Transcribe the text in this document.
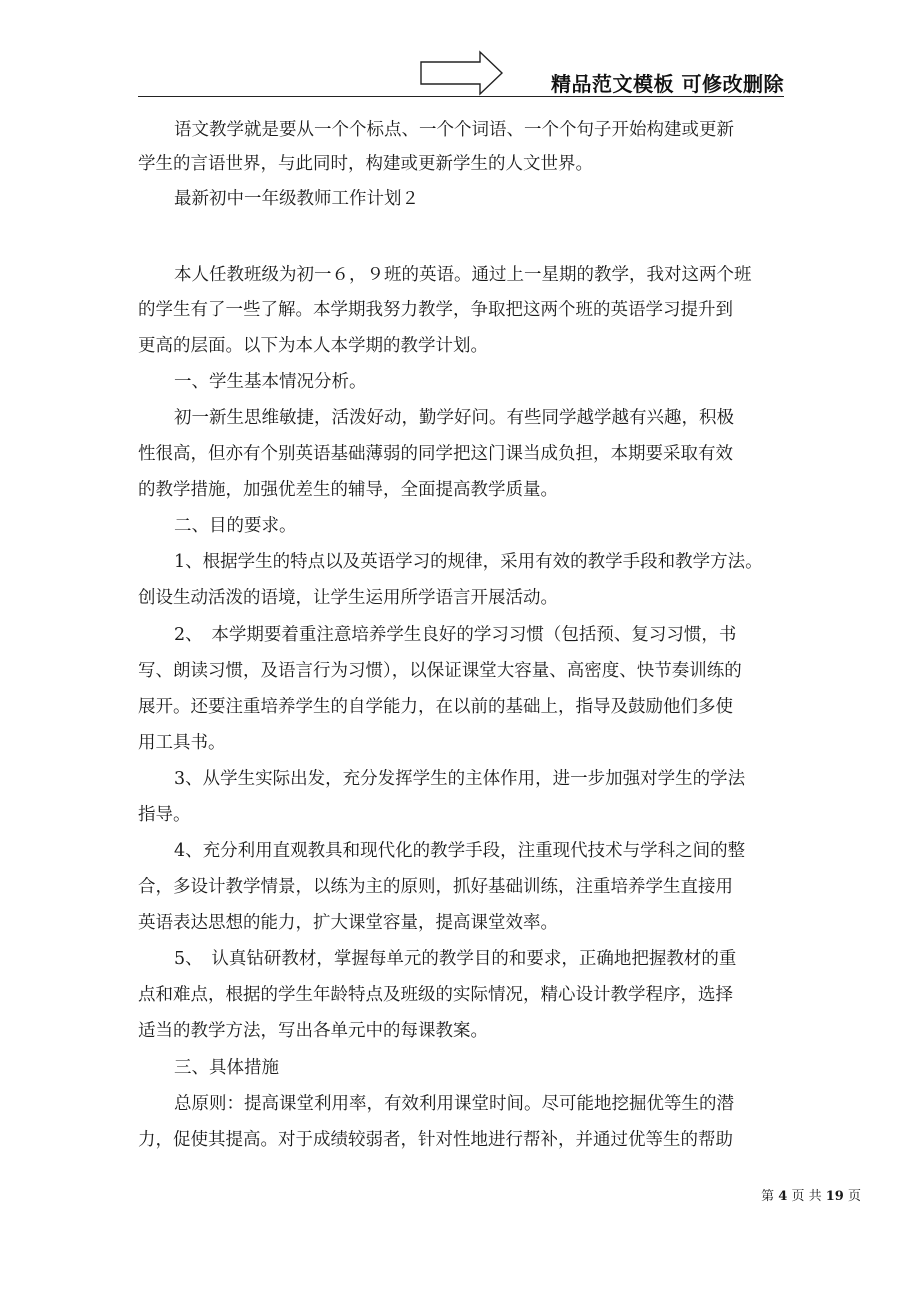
精品范文模板 可修改删除
语文教学就是要从一个个标点、一个个词语、一个个句子开始构建或更新
学生的言语世界，与此同时，构建或更新学生的人文世界。
最新初中一年级教师工作计划２
本人任教班级为初一６，９班的英语。通过上一星期的教学，我对这两个班
的学生有了一些了解。本学期我努力教学，争取把这两个班的英语学习提升到
更高的层面。以下为本人本学期的教学计划。
一、学生基本情况分析。
初一新生思维敏捷，活泼好动，勤学好问。有些同学越学越有兴趣，积极
性很高，但亦有个别英语基础薄弱的同学把这门课当成负担，本期要采取有效
的教学措施，加强优差生的辅导，全面提高教学质量。
二、目的要求。
1、根据学生的特点以及英语学习的规律，采用有效的教学手段和教学方法。
创设生动活泼的语境，让学生运用所学语言开展活动。
2、　本学期要着重注意培养学生良好的学习习惯（包括预、复习习惯，书
写、朗读习惯，及语言行为习惯），以保证课堂大容量、高密度、快节奏训练的
展开。还要注重培养学生的自学能力，在以前的基础上，指导及鼓励他们多使
用工具书。
3、从学生实际出发，充分发挥学生的主体作用，进一步加强对学生的学法
指导。
4、充分利用直观教具和现代化的教学手段，注重现代技术与学科之间的整
合，多设计教学情景，以练为主的原则，抓好基础训练，注重培养学生直接用
英语表达思想的能力，扩大课堂容量，提高课堂效率。
5、　认真钻研教材，掌握每单元的教学目的和要求，正确地把握教材的重
点和难点，根据的学生年龄特点及班级的实际情况，精心设计教学程序，选择
适当的教学方法，写出各单元中的每课教案。
三、具体措施
总原则：提高课堂利用率，有效利用课堂时间。尽可能地挖掘优等生的潜
力，促使其提高。对于成绩较弱者，针对性地进行帮补，并通过优等生的帮助
第 4 页 共 19 页
